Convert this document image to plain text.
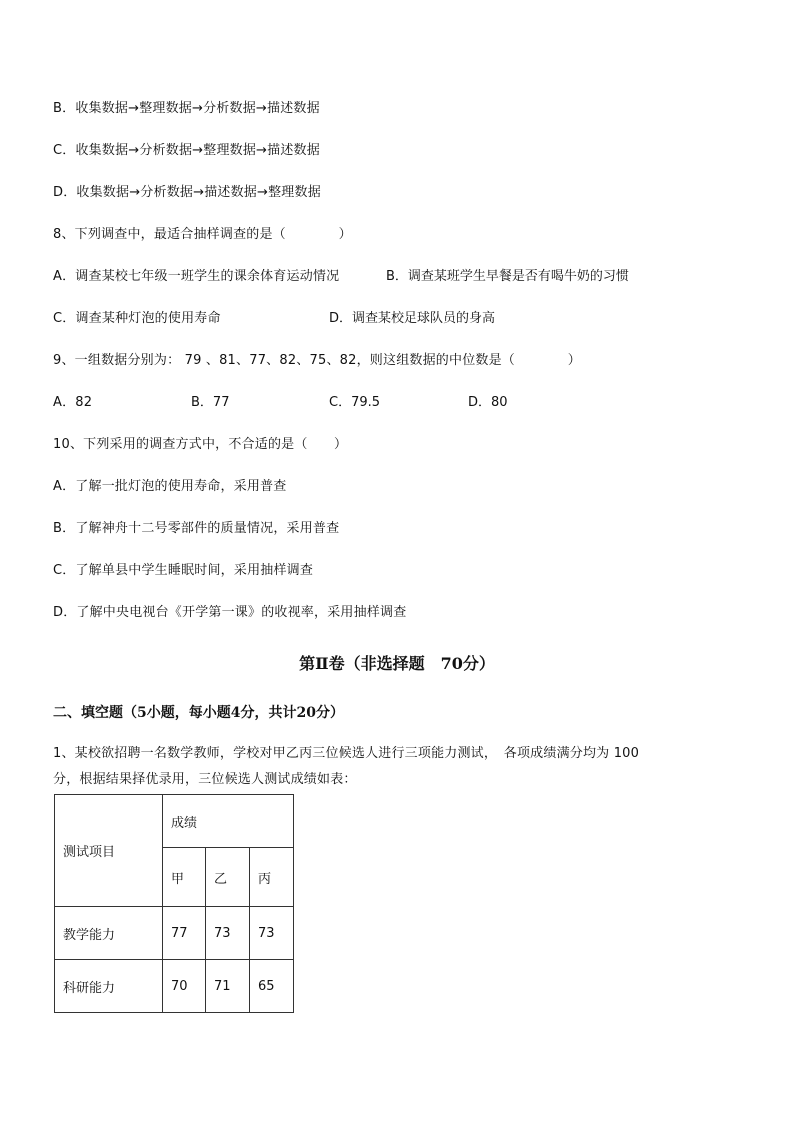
B．收集数据→整理数据→分析数据→描述数据
C．收集数据→分析数据→整理数据→描述数据
D．收集数据→分析数据→描述数据→整理数据
8、下列调查中，最适合抽样调查的是（　　　　）
A．调查某校七年级一班学生的课余体育运动情况	B．调查某班学生早餐是否有喝牛奶的习惯
C．调查某种灯泡的使用寿命	D．调查某校足球队员的身高
9、一组数据分别为： 79 、81、77、82、75、82，则这组数据的中位数是（　　　　）
A．82	B．77	C．79.5	D．80
10、下列采用的调查方式中，不合适的是（　　）
A．了解一批灯泡的使用寿命，采用普查
B．了解神舟十二号零部件的质量情况，采用普查
C．了解单县中学生睡眠时间，采用抽样调查
D．了解中央电视台《开学第一课》的收视率，采用抽样调查
第Ⅱ卷（非选择题　70分）
二、填空题（5小题，每小题4分，共计20分）
1、某校欲招聘一名数学教师，学校对甲乙丙三位候选人进行三项能力测试，　各项成绩满分均为 100
分，根据结果择优录用，三位候选人测试成绩如表：
测试项目	成绩		
	甲	乙	丙
教学能力	77	73	73
科研能力	70	71	65
